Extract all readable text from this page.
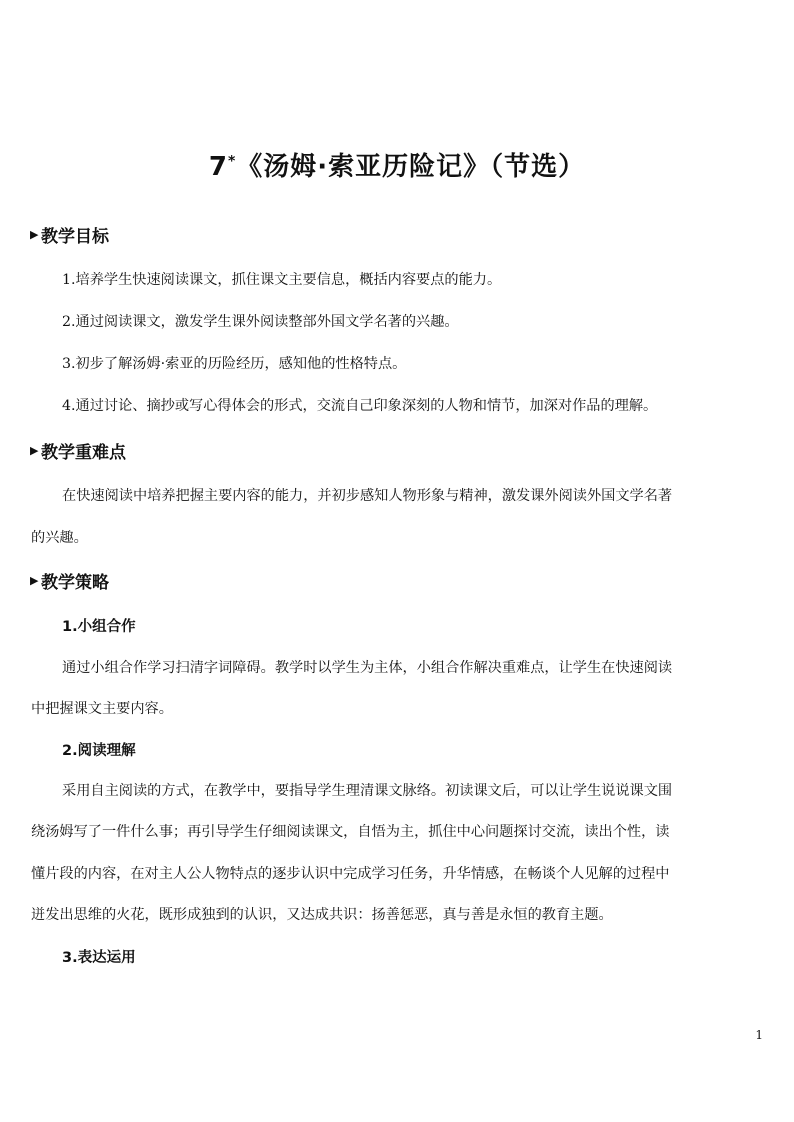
7*《汤姆·索亚历险记》（节选）
▶ 教学目标

1.培养学生快速阅读课文，抓住课文主要信息，概括内容要点的能力。

2.通过阅读课文，激发学生课外阅读整部外国文学名著的兴趣。

3.初步了解汤姆·索亚的历险经历，感知他的性格特点。

4.通过讨论、摘抄或写心得体会的形式，交流自己印象深刻的人物和情节，加深对作品的理解。

▶ 教学重难点

在快速阅读中培养把握主要内容的能力，并初步感知人物形象与精神，激发课外阅读外国文学名著

的兴趣。

▶ 教学策略
1.小组合作

通过小组合作学习扫清字词障碍。教学时以学生为主体，小组合作解决重难点，让学生在快速阅读

中把握课文主要内容。

2.阅读理解

采用自主阅读的方式，在教学中，要指导学生理清课文脉络。初读课文后，可以让学生说说课文围

绕汤姆写了一件什么事；再引导学生仔细阅读课文，自悟为主，抓住中心问题探讨交流，读出个性，读

懂片段的内容，在对主人公人物特点的逐步认识中完成学习任务，升华情感，在畅谈个人见解的过程中

迸发出思维的火花，既形成独到的认识，又达成共识：扬善惩恶，真与善是永恒的教育主题。

3.表达运用

1
